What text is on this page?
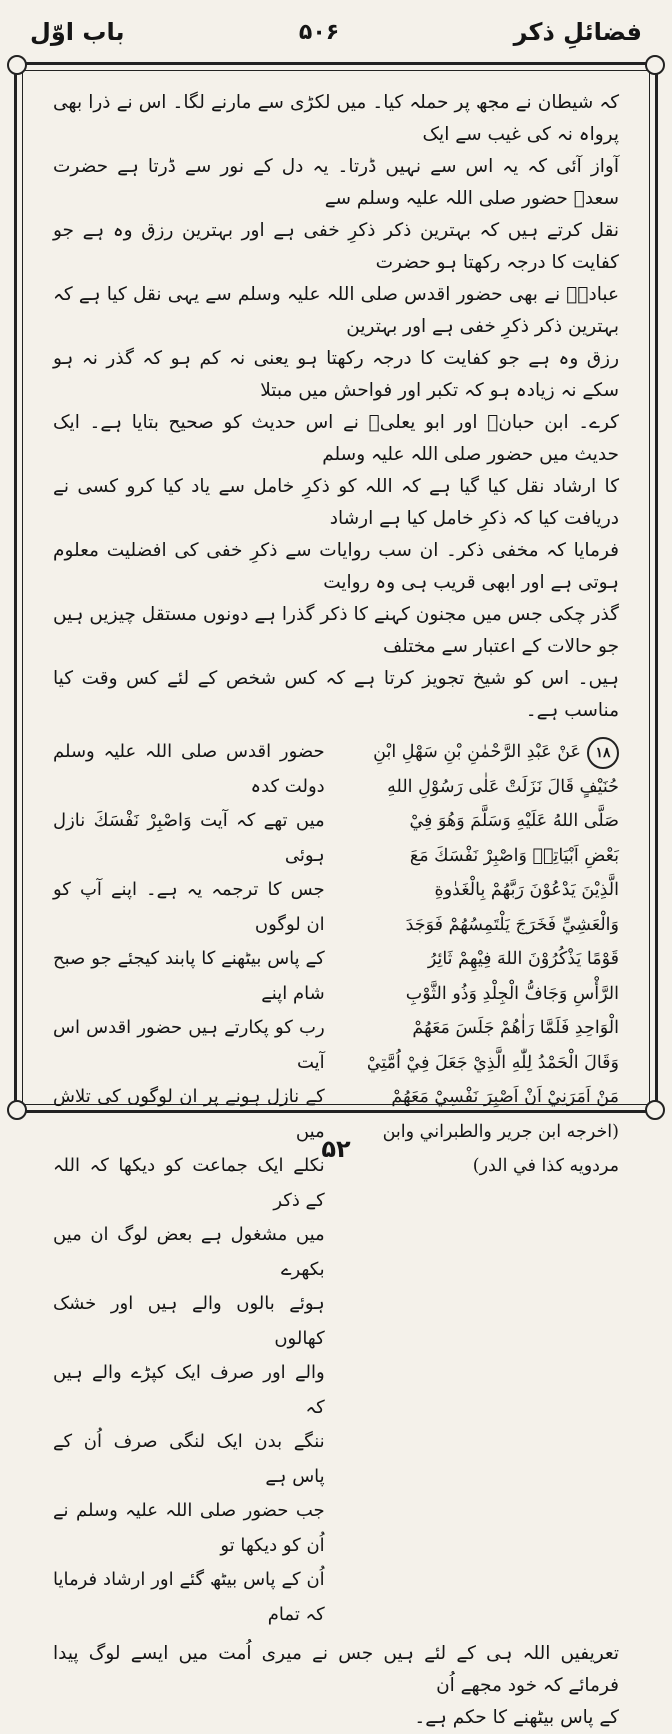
باب اوّل	۵۰۶	فضائلِ ذکر

کہ شیطان نے مجھ پر حملہ کیا۔ میں لکڑی سے مارنے لگا۔ اس نے ذرا بھی پرواہ نہ کی غیب سے ایک
آواز آئی کہ یہ اس سے نہیں ڈرتا۔ یہ دل کے نور سے ڈرتا ہے حضرت سعدؓ حضور صلی اللہ علیہ وسلم سے
نقل کرتے ہیں کہ بہترین ذکر ذکرِ خفی ہے اور بہترین رزق وہ ہے جو کفایت کا درجہ رکھتا ہو حضرت
عبادہؓ نے بھی حضور اقدس صلی اللہ علیہ وسلم سے یہی نقل کیا ہے کہ بہترین ذکر ذکرِ خفی ہے اور بہترین
رزق وہ ہے جو کفایت کا درجہ رکھتا ہو یعنی نہ کم ہو کہ گذر نہ ہو سکے نہ زیادہ ہو کہ تکبر اور فواحش میں مبتلا
کرے۔ ابن حبانؒ اور ابو یعلیؒ نے اس حدیث کو صحیح بتایا ہے۔ ایک حدیث میں حضور صلی اللہ علیہ وسلم
کا ارشاد نقل کیا گیا ہے کہ اللہ کو ذکرِ خامل سے یاد کیا کرو کسی نے دریافت کیا کہ ذکرِ خامل کیا ہے ارشاد
فرمایا کہ مخفی ذکر۔ ان سب روایات سے ذکرِ خفی کی افضلیت معلوم ہوتی ہے اور ابھی قریب ہی وہ روایت
گذر چکی جس میں مجنون کہنے کا ذکر گذرا ہے دونوں مستقل چیزیں ہیں جو حالات کے اعتبار سے مختلف
ہیں۔ اس کو شیخ تجویز کرتا ہے کہ کس شخص کے لئے کس وقت کیا مناسب ہے۔

۱۸عَنْ عَبْدِ الرَّحْمٰنِ بْنِ سَهْلِ ابْنِ
حُنَيْفٍ قَالَ نَزَلَتْ عَلٰى رَسُوْلِ اللهِ
صَلَّى اللهُ عَلَيْهِ وَسَلَّمَ وَهُوَ فِيْ
بَعْضِ اَبْيَاتِهٖ وَاصْبِرْ نَفْسَكَ مَعَ
الَّذِيْنَ يَدْعُوْنَ رَبَّهُمْ بِالْغَدٰوةِ
وَالْعَشِيِّ فَخَرَجَ يَلْتَمِسُهُمْ فَوَجَدَ
قَوْمًا يَذْكُرُوْنَ اللهَ فِيْهِمْ ثَائِرُ
الرَّأْسِ وَجَافُّ الْجِلْدِ وَذُو الثَّوْبِ
الْوَاحِدِ فَلَمَّا رَاٰهُمْ جَلَسَ مَعَهُمْ
وَقَالَ الْحَمْدُ لِلّٰهِ الَّذِيْ جَعَلَ فِيْ اُمَّتِيْ
مَنْ اَمَرَنِيْ اَنْ اَصْبِرَ نَفْسِيْ مَعَهُمْ
(اخرجه ابن جرير والطبراني وابن
مردويه كذا في الدر)
حضور اقدس صلی اللہ علیہ وسلم دولت کدہ
میں تھے کہ آیت وَاصْبِرْ نَفْسَكَ نازل ہوئی
جس کا ترجمہ یہ ہے۔ اپنے آپ کو ان لوگوں
کے پاس بیٹھنے کا پابند کیجئے جو صبح شام اپنے
رب کو پکارتے ہیں حضور اقدس اس آیت
کے نازل ہونے پر ان لوگوں کی تلاش میں
نکلے ایک جماعت کو دیکھا کہ اللہ کے ذکر
میں مشغول ہے بعض لوگ ان میں بکھرے
ہوئے بالوں والے ہیں اور خشک کھالوں
والے اور صرف ایک کپڑے والے ہیں کہ
ننگے بدن ایک لنگی صرف اُن کے پاس ہے
جب حضور صلی اللہ علیہ وسلم نے اُن کو دیکھا تو
اُن کے پاس بیٹھ گئے اور ارشاد فرمایا کہ تمام

تعریفیں اللہ ہی کے لئے ہیں جس نے میری اُمت میں ایسے لوگ پیدا فرمائے کہ خود مجھے اُن
کے پاس بیٹھنے کا حکم ہے۔

۵۲
